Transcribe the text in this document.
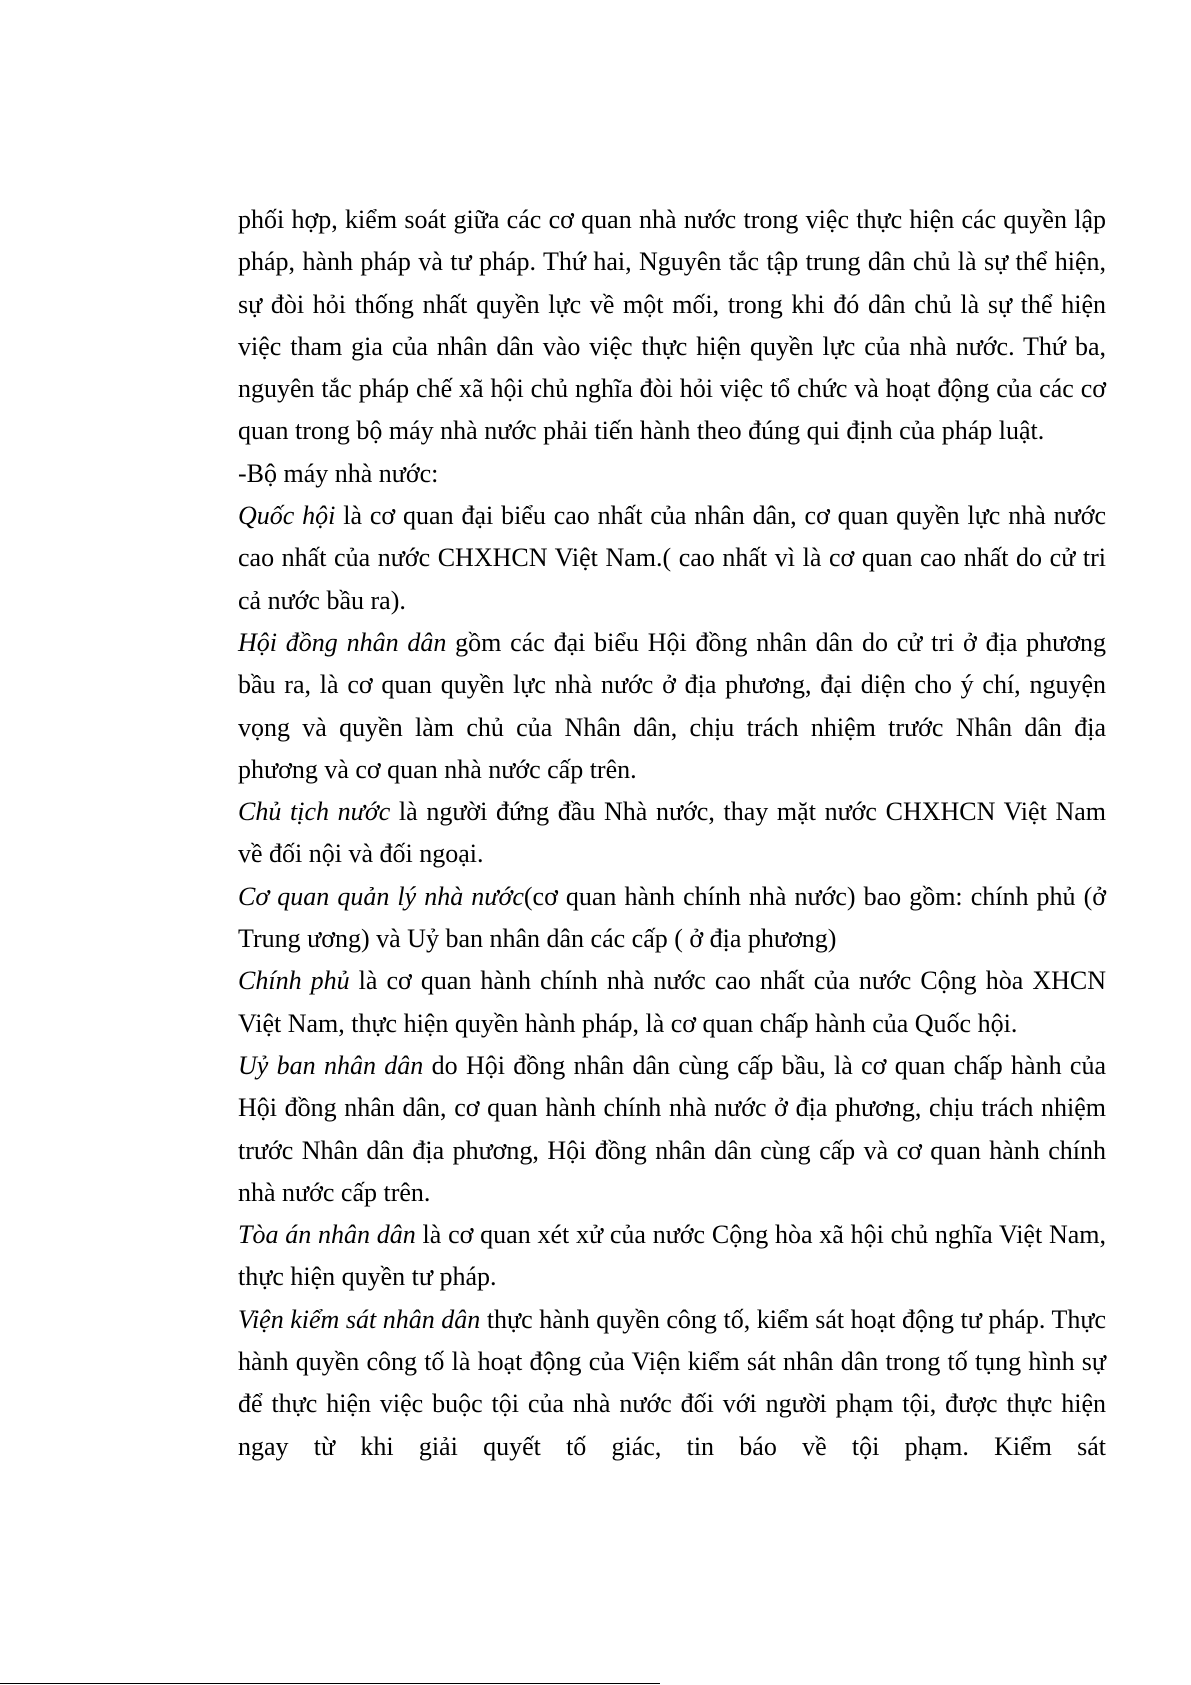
phối hợp, kiểm soát giữa các cơ quan nhà nước trong việc thực hiện các quyền lập pháp, hành pháp và tư pháp. Thứ hai, Nguyên tắc tập trung dân chủ là sự thể hiện, sự đòi hỏi thống nhất quyền lực về một mối, trong khi đó dân chủ là sự thể hiện việc tham gia của nhân dân vào việc thực hiện quyền lực của nhà nước. Thứ ba, nguyên tắc pháp chế xã hội chủ nghĩa đòi hỏi việc tổ chức và hoạt động của các cơ quan trong bộ máy nhà nước phải tiến hành theo đúng qui định của pháp luật.

-Bộ máy nhà nước:

Quốc hội là cơ quan đại biểu cao nhất của nhân dân, cơ quan quyền lực nhà nước cao nhất của nước CHXHCN Việt Nam.( cao nhất vì là cơ quan cao nhất do cử tri cả nước bầu ra).

Hội đồng nhân dân gồm các đại biểu Hội đồng nhân dân do cử tri ở địa phương bầu ra, là cơ quan quyền lực nhà nước ở địa phương, đại diện cho ý chí, nguyện vọng và quyền làm chủ của Nhân dân, chịu trách nhiệm trước Nhân dân địa phương và cơ quan nhà nước cấp trên.

Chủ tịch nước là người đứng đầu Nhà nước, thay mặt nước CHXHCN Việt Nam về đối nội và đối ngoại.

Cơ quan quản lý nhà nước(cơ quan hành chính nhà nước) bao gồm: chính phủ (ở Trung ương) và Uỷ ban nhân dân các cấp ( ở địa phương)

Chính phủ là cơ quan hành chính nhà nước cao nhất của nước Cộng hòa XHCN Việt Nam, thực hiện quyền hành pháp, là cơ quan chấp hành của Quốc hội.

Uỷ ban nhân dân do Hội đồng nhân dân cùng cấp bầu, là cơ quan chấp hành của Hội đồng nhân dân, cơ quan hành chính nhà nước ở địa phương, chịu trách nhiệm trước Nhân dân địa phương, Hội đồng nhân dân cùng cấp và cơ quan hành chính nhà nước cấp trên.

Tòa án nhân dân là cơ quan xét xử của nước Cộng hòa xã hội chủ nghĩa Việt Nam, thực hiện quyền tư pháp.

Viện kiểm sát nhân dân thực hành quyền công tố, kiểm sát hoạt động tư pháp. Thực hành quyền công tố là hoạt động của Viện kiểm sát nhân dân trong tố tụng hình sự để thực hiện việc buộc tội của nhà nước đối với người phạm tội, được thực hiện ngay từ khi giải quyết tố giác, tin báo về tội phạm. Kiểm sát
